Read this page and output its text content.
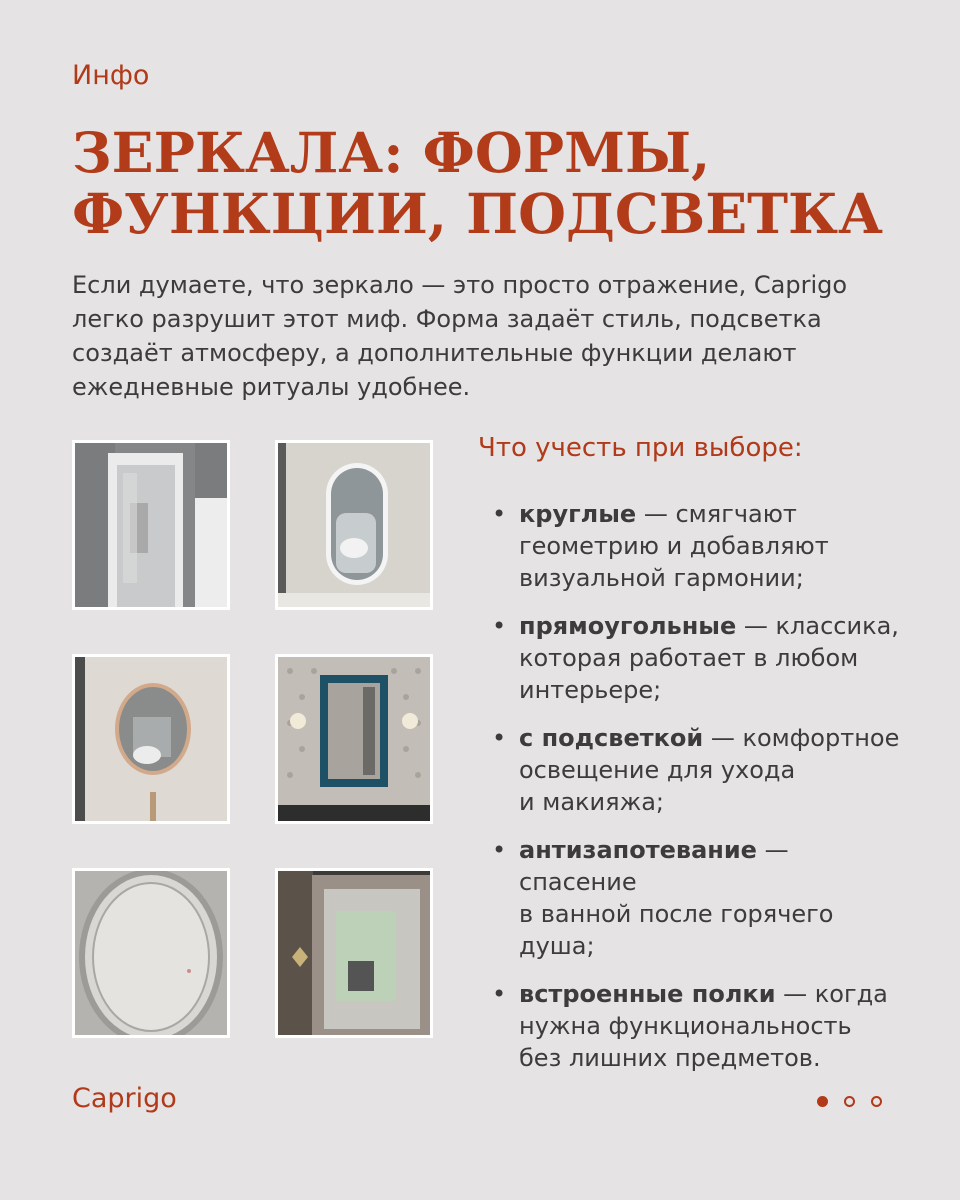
Инфо
ЗЕРКАЛА: ФОРМЫ,
ФУНКЦИИ, ПОДСВЕТКА

Если думаете, что зеркало — это просто отражение, Caprigo легко разрушит этот миф. Форма задаёт стиль, подсветка создаёт атмосферу, а дополнительные функции делают ежедневные ритуалы удобнее.

Что учесть при выборе:
• круглые — смягчают
геометрию и добавляют
визуальной гармонии;
• прямоугольные — классика,
которая работает в любом
интерьере;
• с подсветкой — комфортное
освещение для ухода
и макияжа;
• антизапотевание — спасение
в ванной после горячего
душа;
• встроенные полки — когда
нужна функциональность
без лишних предметов.
Caprigo
